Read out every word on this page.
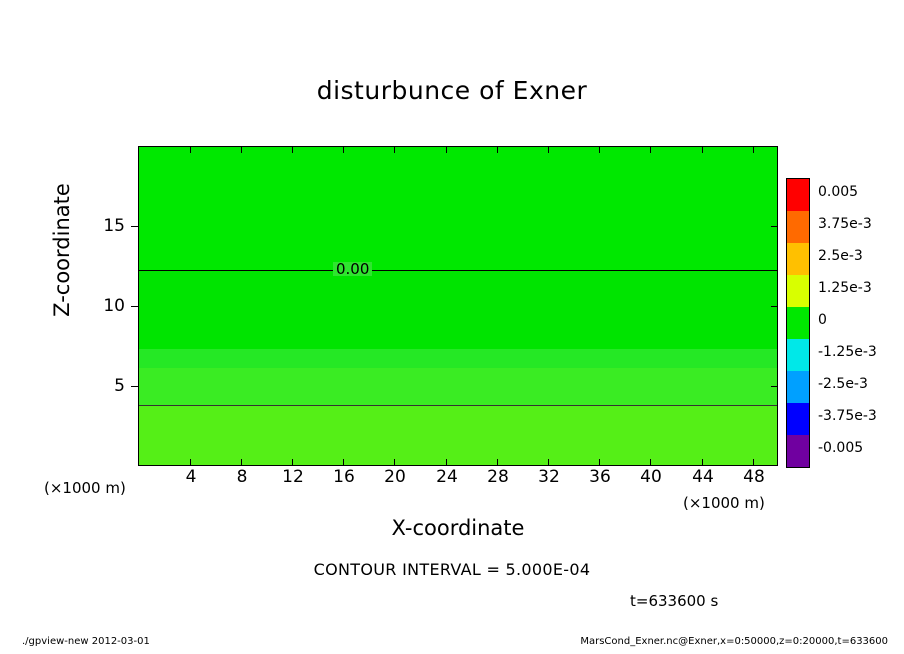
disturbunce of Exner
0.00
4	8	12	16	20	24	28	32	36	40	44	48
5
10
15
X-coordinate
Z-coordinate
(×1000 m)
(×1000 m)
CONTOUR INTERVAL = 5.000E-04
t=633600 s
./gpview-new 2012-03-01	MarsCond_Exner.nc@Exner,x=0:50000,z=0:20000,t=633600
0.005
3.75e-3
2.5e-3
1.25e-3
0
-1.25e-3
-2.5e-3
-3.75e-3
-0.005
